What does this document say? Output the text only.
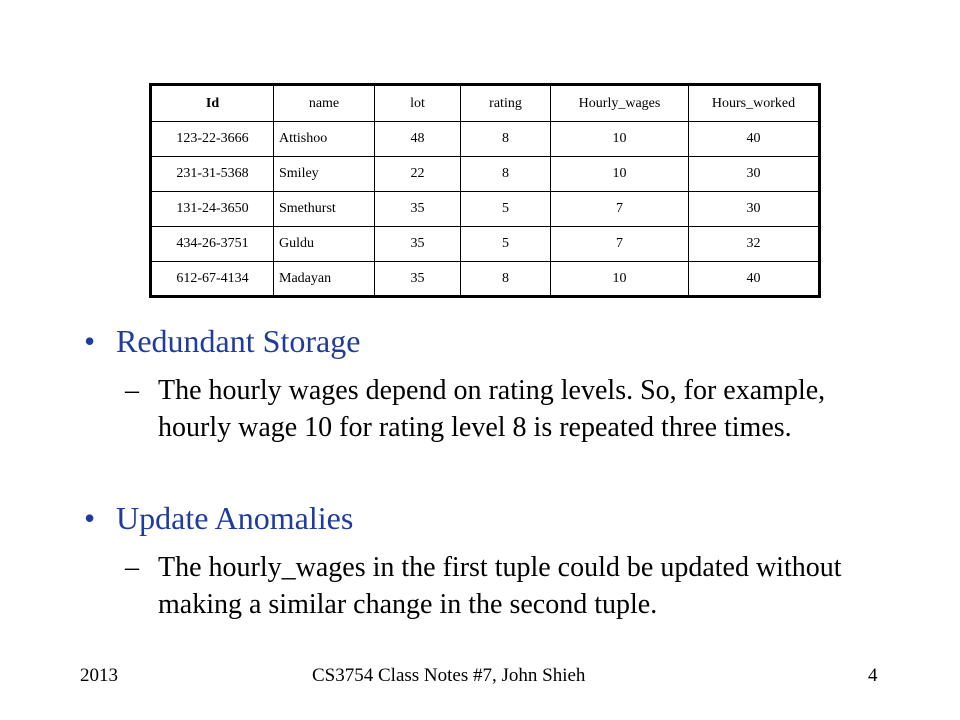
Id	name	lot	rating	Hourly_wages	Hours_worked
123-22-3666	Attishoo	48	8	10	40
231-31-5368	Smiley	22	8	10	30
131-24-3650	Smethurst	35	5	7	30
434-26-3751	Guldu	35	5	7	32
612-67-4134	Madayan	35	8	10	40
• Redundant Storage
– The hourly wages depend on rating levels. So, for example, hourly wage 10 for rating level 8 is repeated three times.
• Update Anomalies
– The hourly_wages in the first tuple could be updated without making a similar change in the second tuple.
2013	CS3754 Class Notes #7, John Shieh	4
